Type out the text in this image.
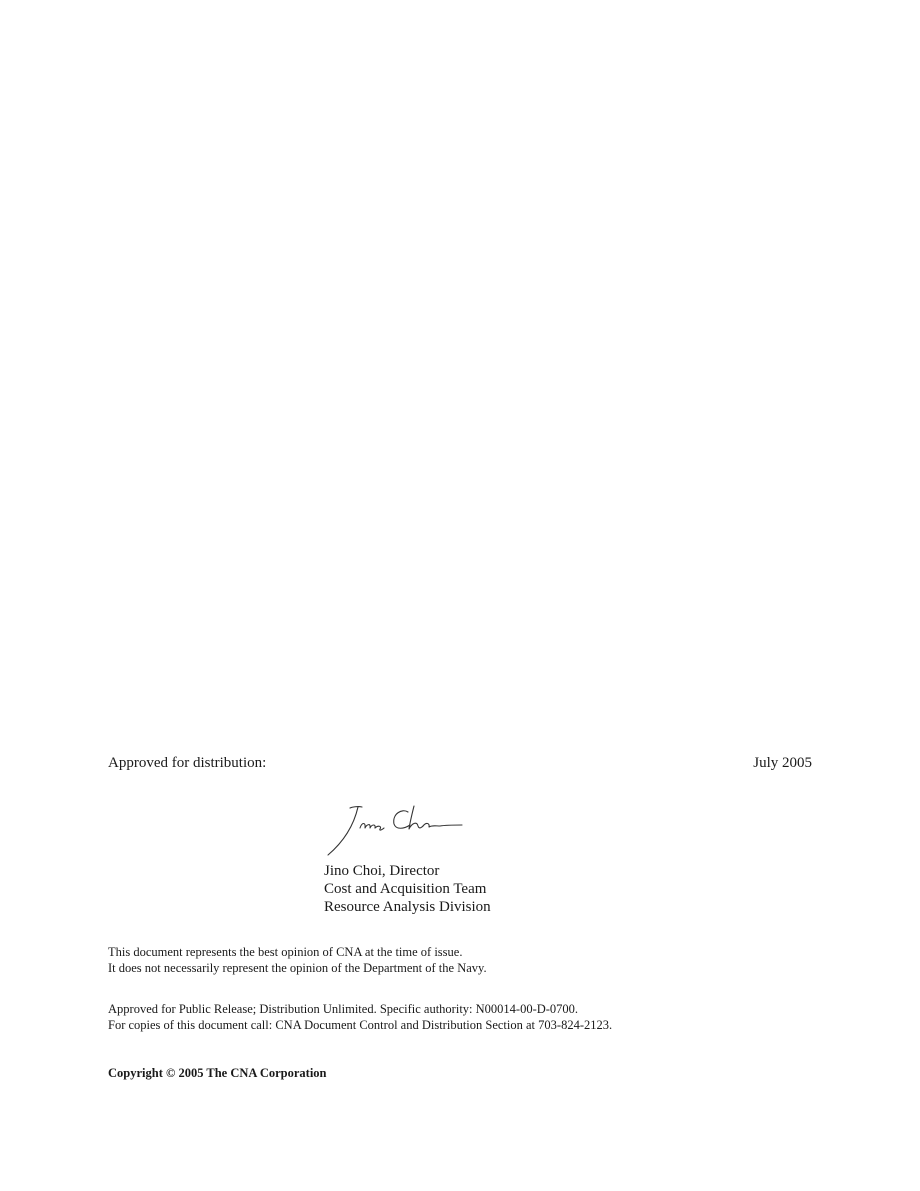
Approved for distribution:	July 2005
Jino Choi, Director
Cost and Acquisition Team
Resource Analysis Division
This document represents the best opinion of CNA at the time of issue.
It does not necessarily represent the opinion of the Department of the Navy.
Approved for Public Release; Distribution Unlimited. Specific authority: N00014-00-D-0700.
For copies of this document call: CNA Document Control and Distribution Section at 703-824-2123.
Copyright © 2005 The CNA Corporation
